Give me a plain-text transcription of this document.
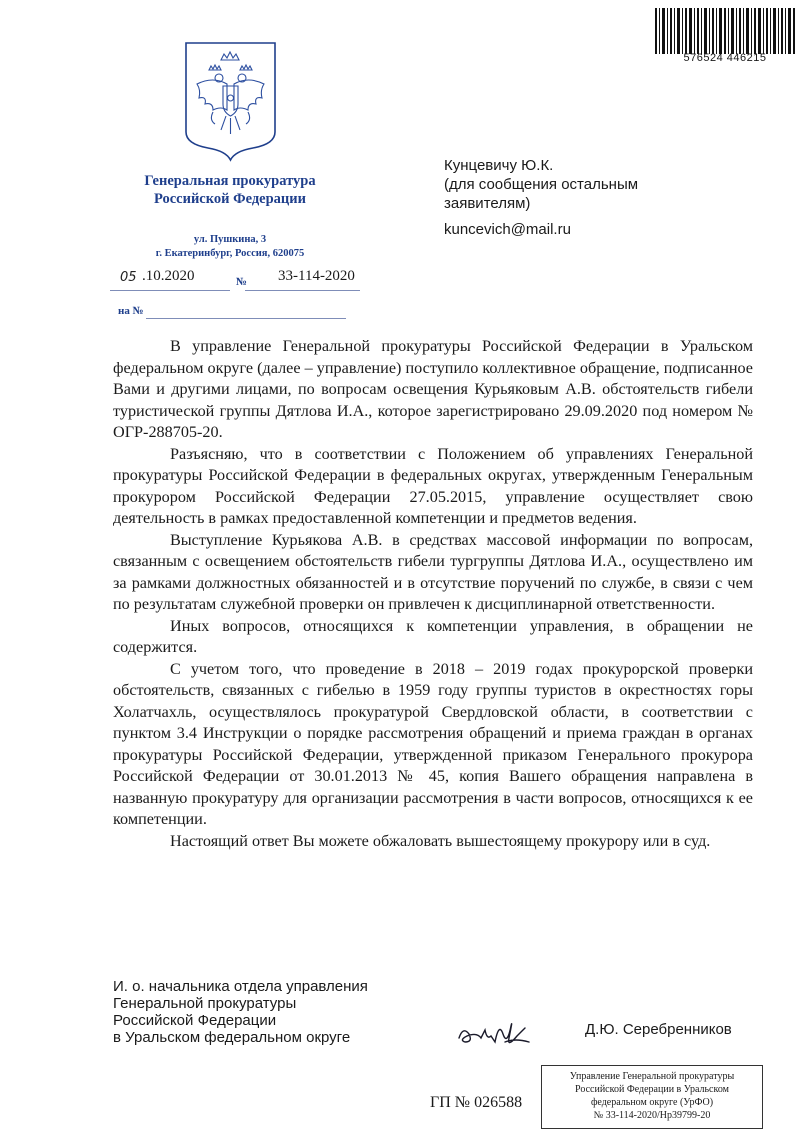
576524 446215
Генеральная прокуратура
Российской Федерации
ул. Пушкина, 3
г. Екатеринбург, Россия, 620075
05 .10.2020	№ 33-114-2020
на №
Кунцевичу Ю.К.
(для сообщения остальным
заявителям)
kuncevich@mail.ru

В управление Генеральной прокуратуры Российской Федерации в Уральском федеральном округе (далее – управление) поступило коллективное обращение, подписанное Вами и другими лицами, по вопросам освещения Курьяковым А.В. обстоятельств гибели туристической группы Дятлова И.А., которое зарегистрировано 29.09.2020 под номером № ОГР-288705-20.

Разъясняю, что в соответствии с Положением об управлениях Генеральной прокуратуры Российской Федерации в федеральных округах, утвержденным Генеральным прокурором Российской Федерации 27.05.2015, управление осуществляет свою деятельность в рамках предоставленной компетенции и предметов ведения.

Выступление Курьякова А.В. в средствах массовой информации по вопросам, связанным с освещением обстоятельств гибели тургруппы Дятлова И.А., осуществлено им за рамками должностных обязанностей и в отсутствие поручений по службе, в связи с чем по результатам служебной проверки он привлечен к дисциплинарной ответственности.

Иных вопросов, относящихся к компетенции управления, в обращении не содержится.

С учетом того, что проведение в 2018 – 2019 годах прокурорской проверки обстоятельств, связанных с гибелью в 1959 году группы туристов в окрестностях горы Холатчахль, осуществлялось прокуратурой Свердловской области, в соответствии с пунктом 3.4 Инструкции о порядке рассмотрения обращений и приема граждан в органах прокуратуры Российской Федерации, утвержденной приказом Генерального прокурора Российской Федерации от 30.01.2013 № 45, копия Вашего обращения направлена в названную прокуратуру для организации рассмотрения в части вопросов, относящихся к ее компетенции.

Настоящий ответ Вы можете обжаловать вышестоящему прокурору или в суд.

И. о. начальника отдела управления
Генеральной прокуратуры
Российской Федерации
в Уральском федеральном округе	Д.Ю. Серебренников
ГП № 026588
Управление Генеральной прокуратуры
Российской Федерации в Уральском
федеральном округе (УрФО)
№ 33-114-2020/Нр39799-20
